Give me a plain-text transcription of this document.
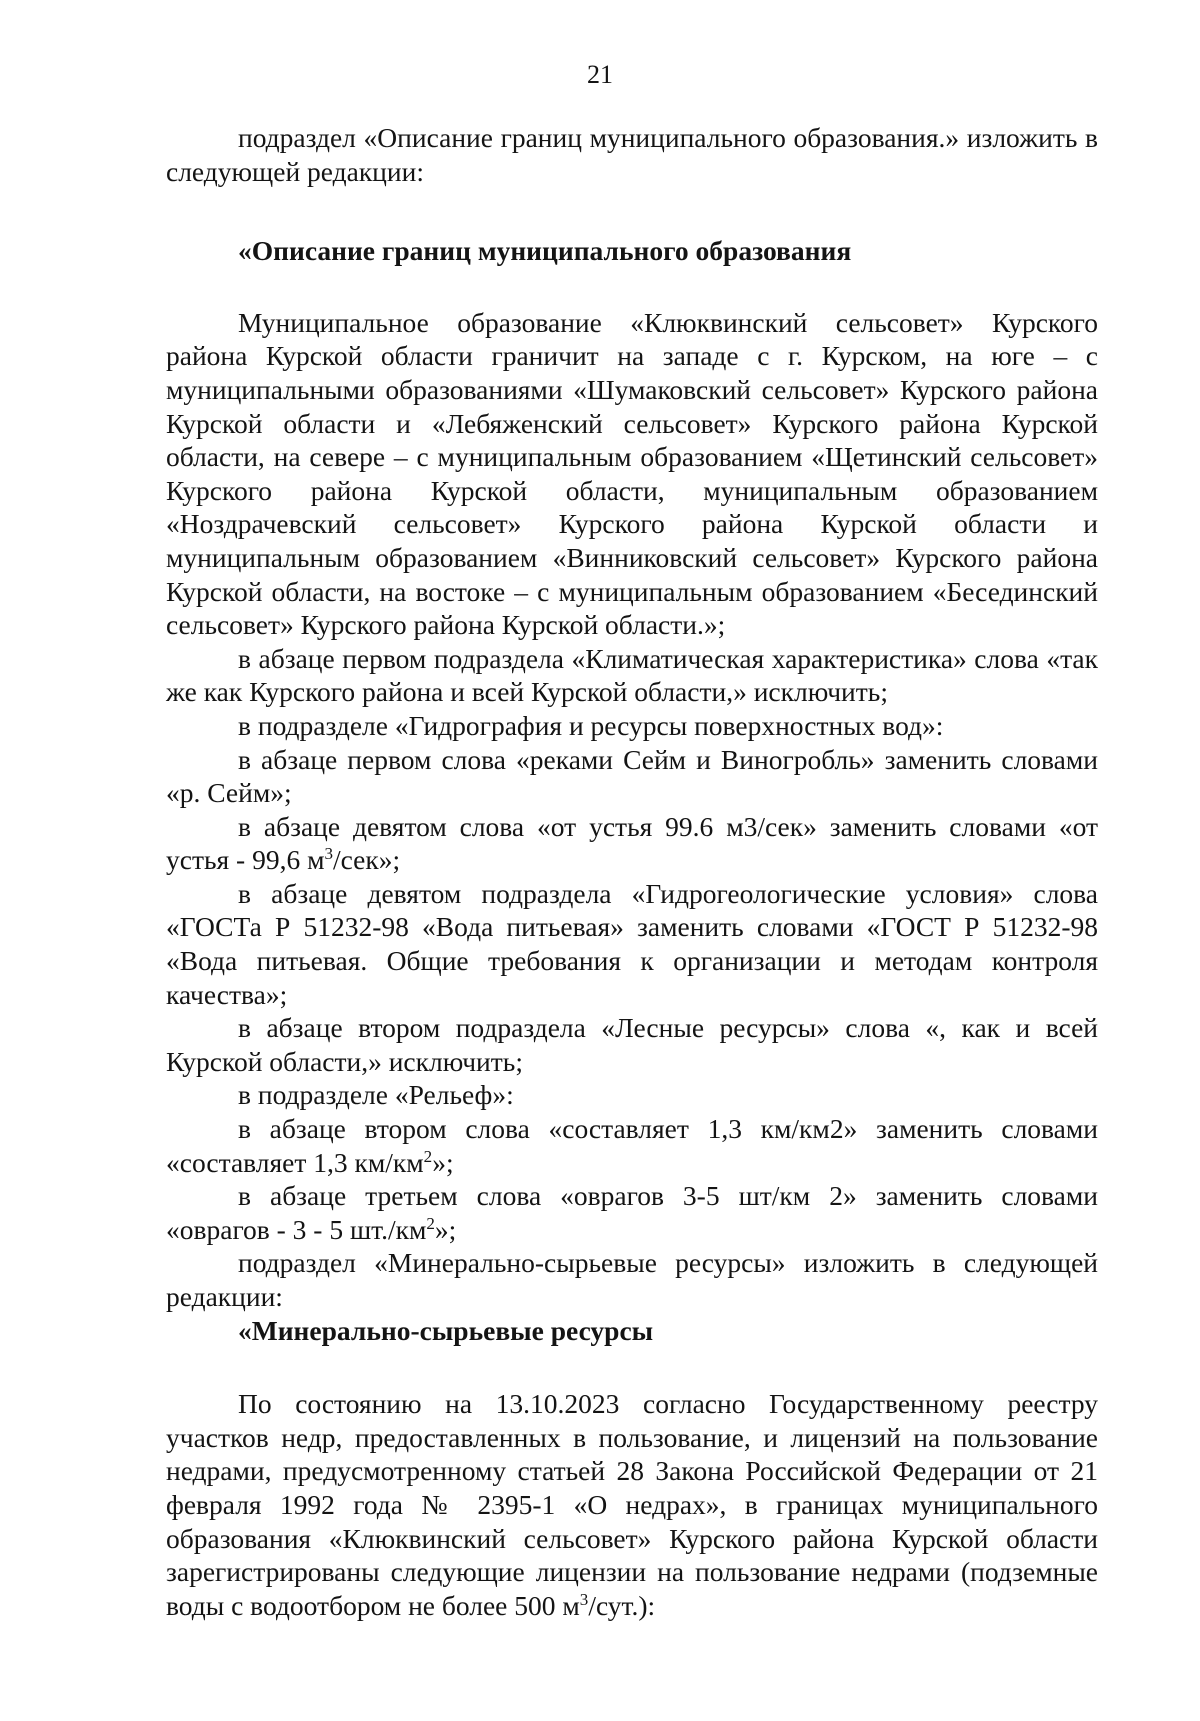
21

подраздел «Описание границ муниципального образования.» изложить в следующей редакции:

«Описание границ муниципального образования

Муниципальное образование «Клюквинский сельсовет» Курского района Курской области граничит на западе с г. Курском, на юге – с муниципальными образованиями «Шумаковский сельсовет» Курского района Курской области и «Лебяженский сельсовет» Курского района Курской области, на севере – с муниципальным образованием «Щетинский сельсовет» Курского района Курской области, муниципальным образованием «Ноздрачевский сельсовет» Курского района Курской области и муниципальным образованием «Винниковский сельсовет» Курского района Курской области, на востоке – с муниципальным образованием «Бесединский сельсовет» Курского района Курской области.»;

в абзаце первом подраздела «Климатическая характеристика» слова «так же как Курского района и всей Курской области,» исключить;

в подразделе «Гидрография и ресурсы поверхностных вод»:

в абзаце первом слова «реками Сейм и Виногробль» заменить словами «р. Сейм»;

в абзаце девятом слова «от устья 99.6 м3/сек» заменить словами «от устья - 99,6 $м^3$/сек»;

в абзаце девятом подраздела «Гидрогеологические условия» слова «ГОСТа Р 51232-98 «Вода питьевая» заменить словами «ГОСТ Р 51232-98 «Вода питьевая. Общие требования к организации и методам контроля качества»;

в абзаце втором подраздела «Лесные ресурсы» слова «, как и всей Курской области,» исключить;

в подразделе «Рельеф»:

в абзаце втором слова «составляет 1,3 км/км2» заменить словами «составляет 1,3 $км/км^2$»;

в абзаце третьем слова «оврагов 3-5 шт/км 2» заменить словами «оврагов - 3 - 5 $шт./км^2$»;

подраздел «Минерально-сырьевые ресурсы» изложить в следующей редакции:

«Минерально-сырьевые ресурсы

По состоянию на 13.10.2023 согласно Государственному реестру участков недр, предоставленных в пользование, и лицензий на пользование недрами, предусмотренному статьей 28 Закона Российской Федерации от 21 февраля 1992 года № 2395-1 «О недрах», в границах муниципального образования «Клюквинский сельсовет» Курского района Курской области зарегистрированы следующие лицензии на пользование недрами (подземные воды с водоотбором не более 500 $м^3/сут$.):
